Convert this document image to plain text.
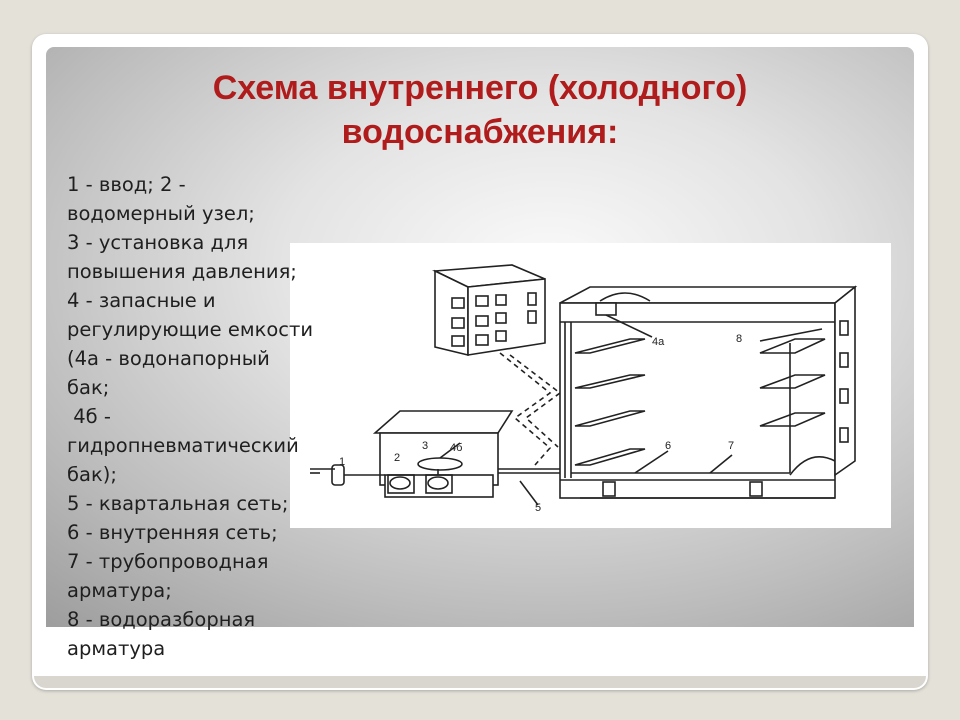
Схема внутреннего (холодного)
водоснабжения:
1	2
3 4б
5
4а
6	7
8
1 - ввод; 2 -
водомерный узел;
3 - установка для
повышения давления;
4 - запасные и
регулирующие емкости
(4а - водонапорный
бак;
4б -
гидропневматический
бак);
5 - квартальная сеть;
6 - внутренняя сеть;
7 - трубопроводная
арматура;
8 - водоразборная
арматура
